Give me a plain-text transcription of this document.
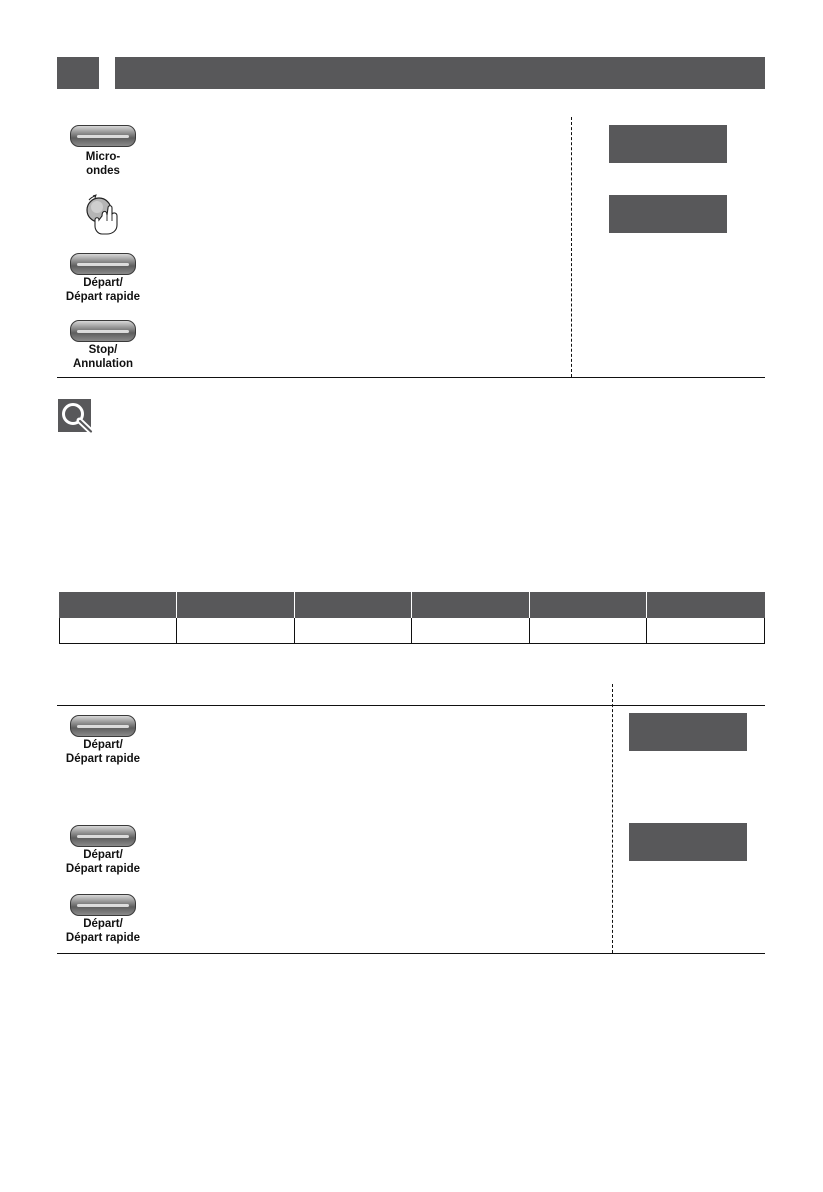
Micro-
ondes
Départ/
Départ rapide
Stop/
Annulation
Départ/
Départ rapide
Départ/
Départ rapide
Départ/
Départ rapide
